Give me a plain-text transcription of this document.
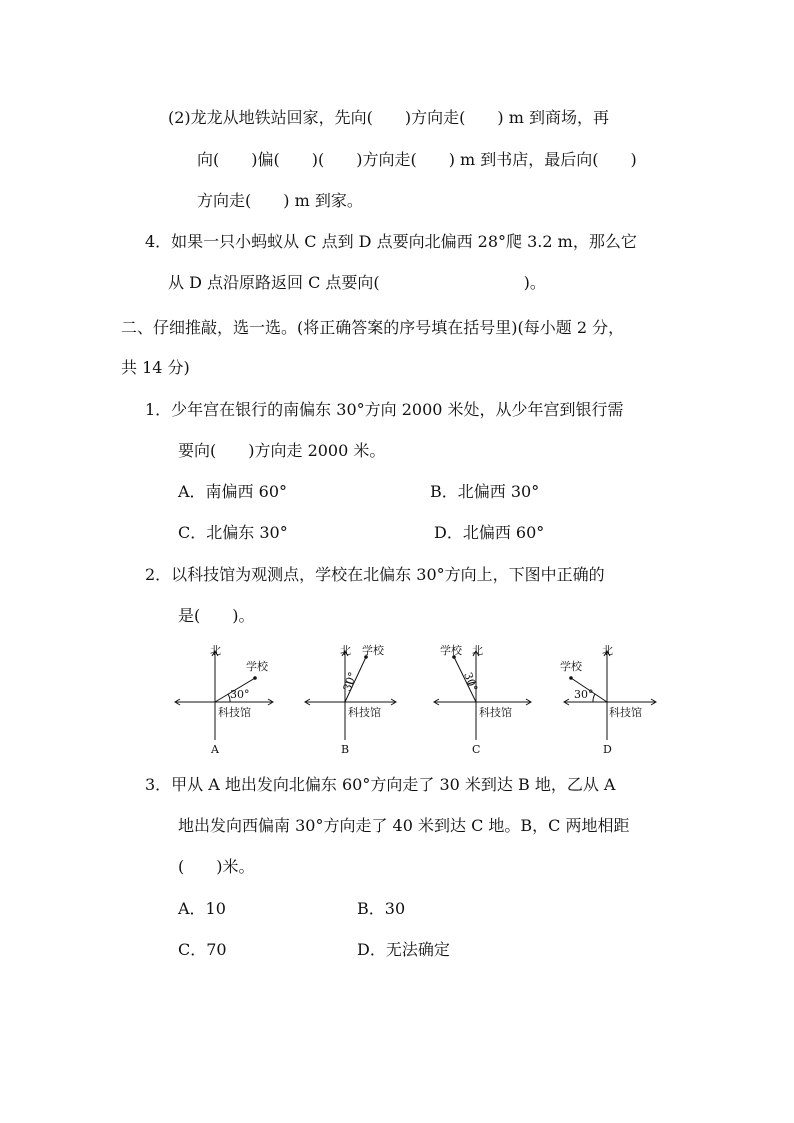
(2)龙龙从地铁站回家，先向(　　)方向走(　　) m 到商场，再
向(　　)偏(　　)(　　)方向走(　　) m 到书店，最后向(　　)
方向走(　　) m 到家。
4．如果一只小蚂蚁从 C 点到 D 点要向北偏西 28°爬 3.2 m，那么它
从 D 点沿原路返回 C 点要向(　　　　　　　　　)。
二、仔细推敲，选一选。(将正确答案的序号填在括号里)(每小题 2 分，
共 14 分)
1．少年宫在银行的南偏东 30°方向 2000 米处，从少年宫到银行需
要向(　　)方向走 2000 米。
A．南偏西 60°	B．北偏西 30°
C．北偏东 30°	D．北偏西 60°
2．以科技馆为观测点，学校在北偏东 30°方向上，下图中正确的
是(　　)。
北
学校
30°
科技馆
A
北 学校
30°
科技馆
B
北
学校
30°
科技馆
C
北
学校
30°
科技馆
D
3．甲从 A 地出发向北偏东 60°方向走了 30 米到达 B 地，乙从 A
地出发向西偏南 30°方向走了 40 米到达 C 地。B，C 两地相距
(　　)米。
A．10	B．30
C．70	D．无法确定
